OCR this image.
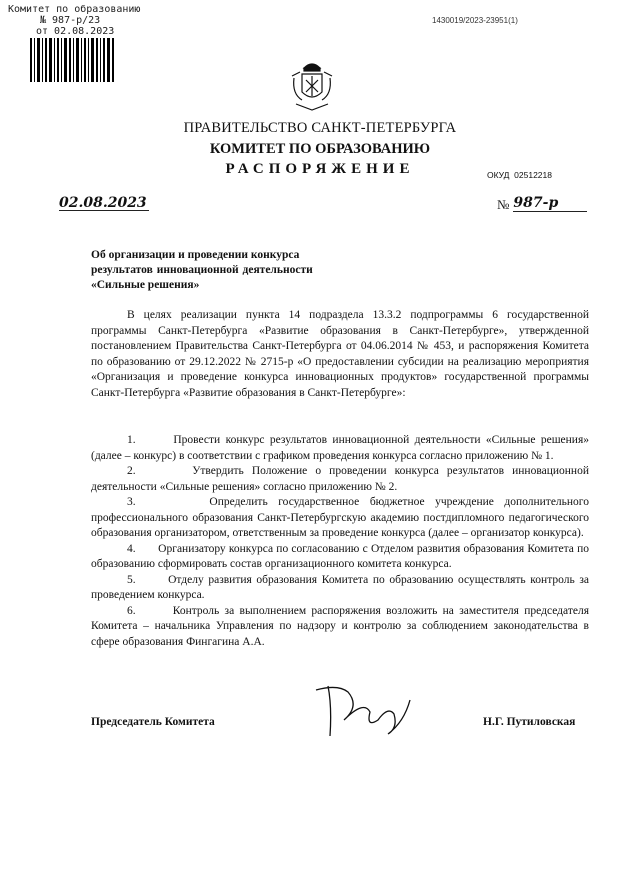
Комитет по образованию
№ 987-р/23
от 02.08.2023
1430019/2023-23951(1)
ПРАВИТЕЛЬСТВО САНКТ-ПЕТЕРБУРГА
КОМИТЕТ ПО ОБРАЗОВАНИЮ
РАСПОРЯЖЕНИЕ	ОКУД 02512218
02.08.2023	№ 987-р
Об организации и проведении конкурса
результатов инновационной деятельности
«Сильные решения»
В целях реализации пункта 14 подраздела 13.3.2 подпрограммы 6 государственной программы Санкт-Петербурга «Развитие образования в Санкт-Петербурге», утвержденной постановлением Правительства Санкт-Петербурга от 04.06.2014 № 453, и распоряжения Комитета по образованию от 29.12.2022 № 2715-р «О предоставлении субсидии на реализацию мероприятия «Организация и проведение конкурса инновационных продуктов» государственной программы Санкт-Петербурга «Развитие образования в Санкт-Петербурге»:
1.       Провести конкурс результатов инновационной деятельности «Сильные решения» (далее – конкурс) в соответствии с графиком проведения конкурса согласно приложению № 1.
2.       Утвердить Положение о проведении конкурса результатов инновационной деятельности «Сильные решения» согласно приложению № 2.
3.       Определить государственное бюджетное учреждение дополнительного профессионального образования Санкт-Петербургскую академию постдипломного педагогического образования организатором, ответственным за проведение конкурса (далее – организатор конкурса).
4.       Организатору конкурса по согласованию с Отделом развития образования Комитета по образованию сформировать состав организационного комитета конкурса.
5.       Отделу развития образования Комитета по образованию осуществлять контроль за проведением конкурса.
6.       Контроль за выполнением распоряжения возложить на заместителя председателя Комитета – начальника Управления по надзору и контролю за соблюдением законодательства в сфере образования Фингагина А.А.
Председатель Комитета	Н.Г. Путиловская
